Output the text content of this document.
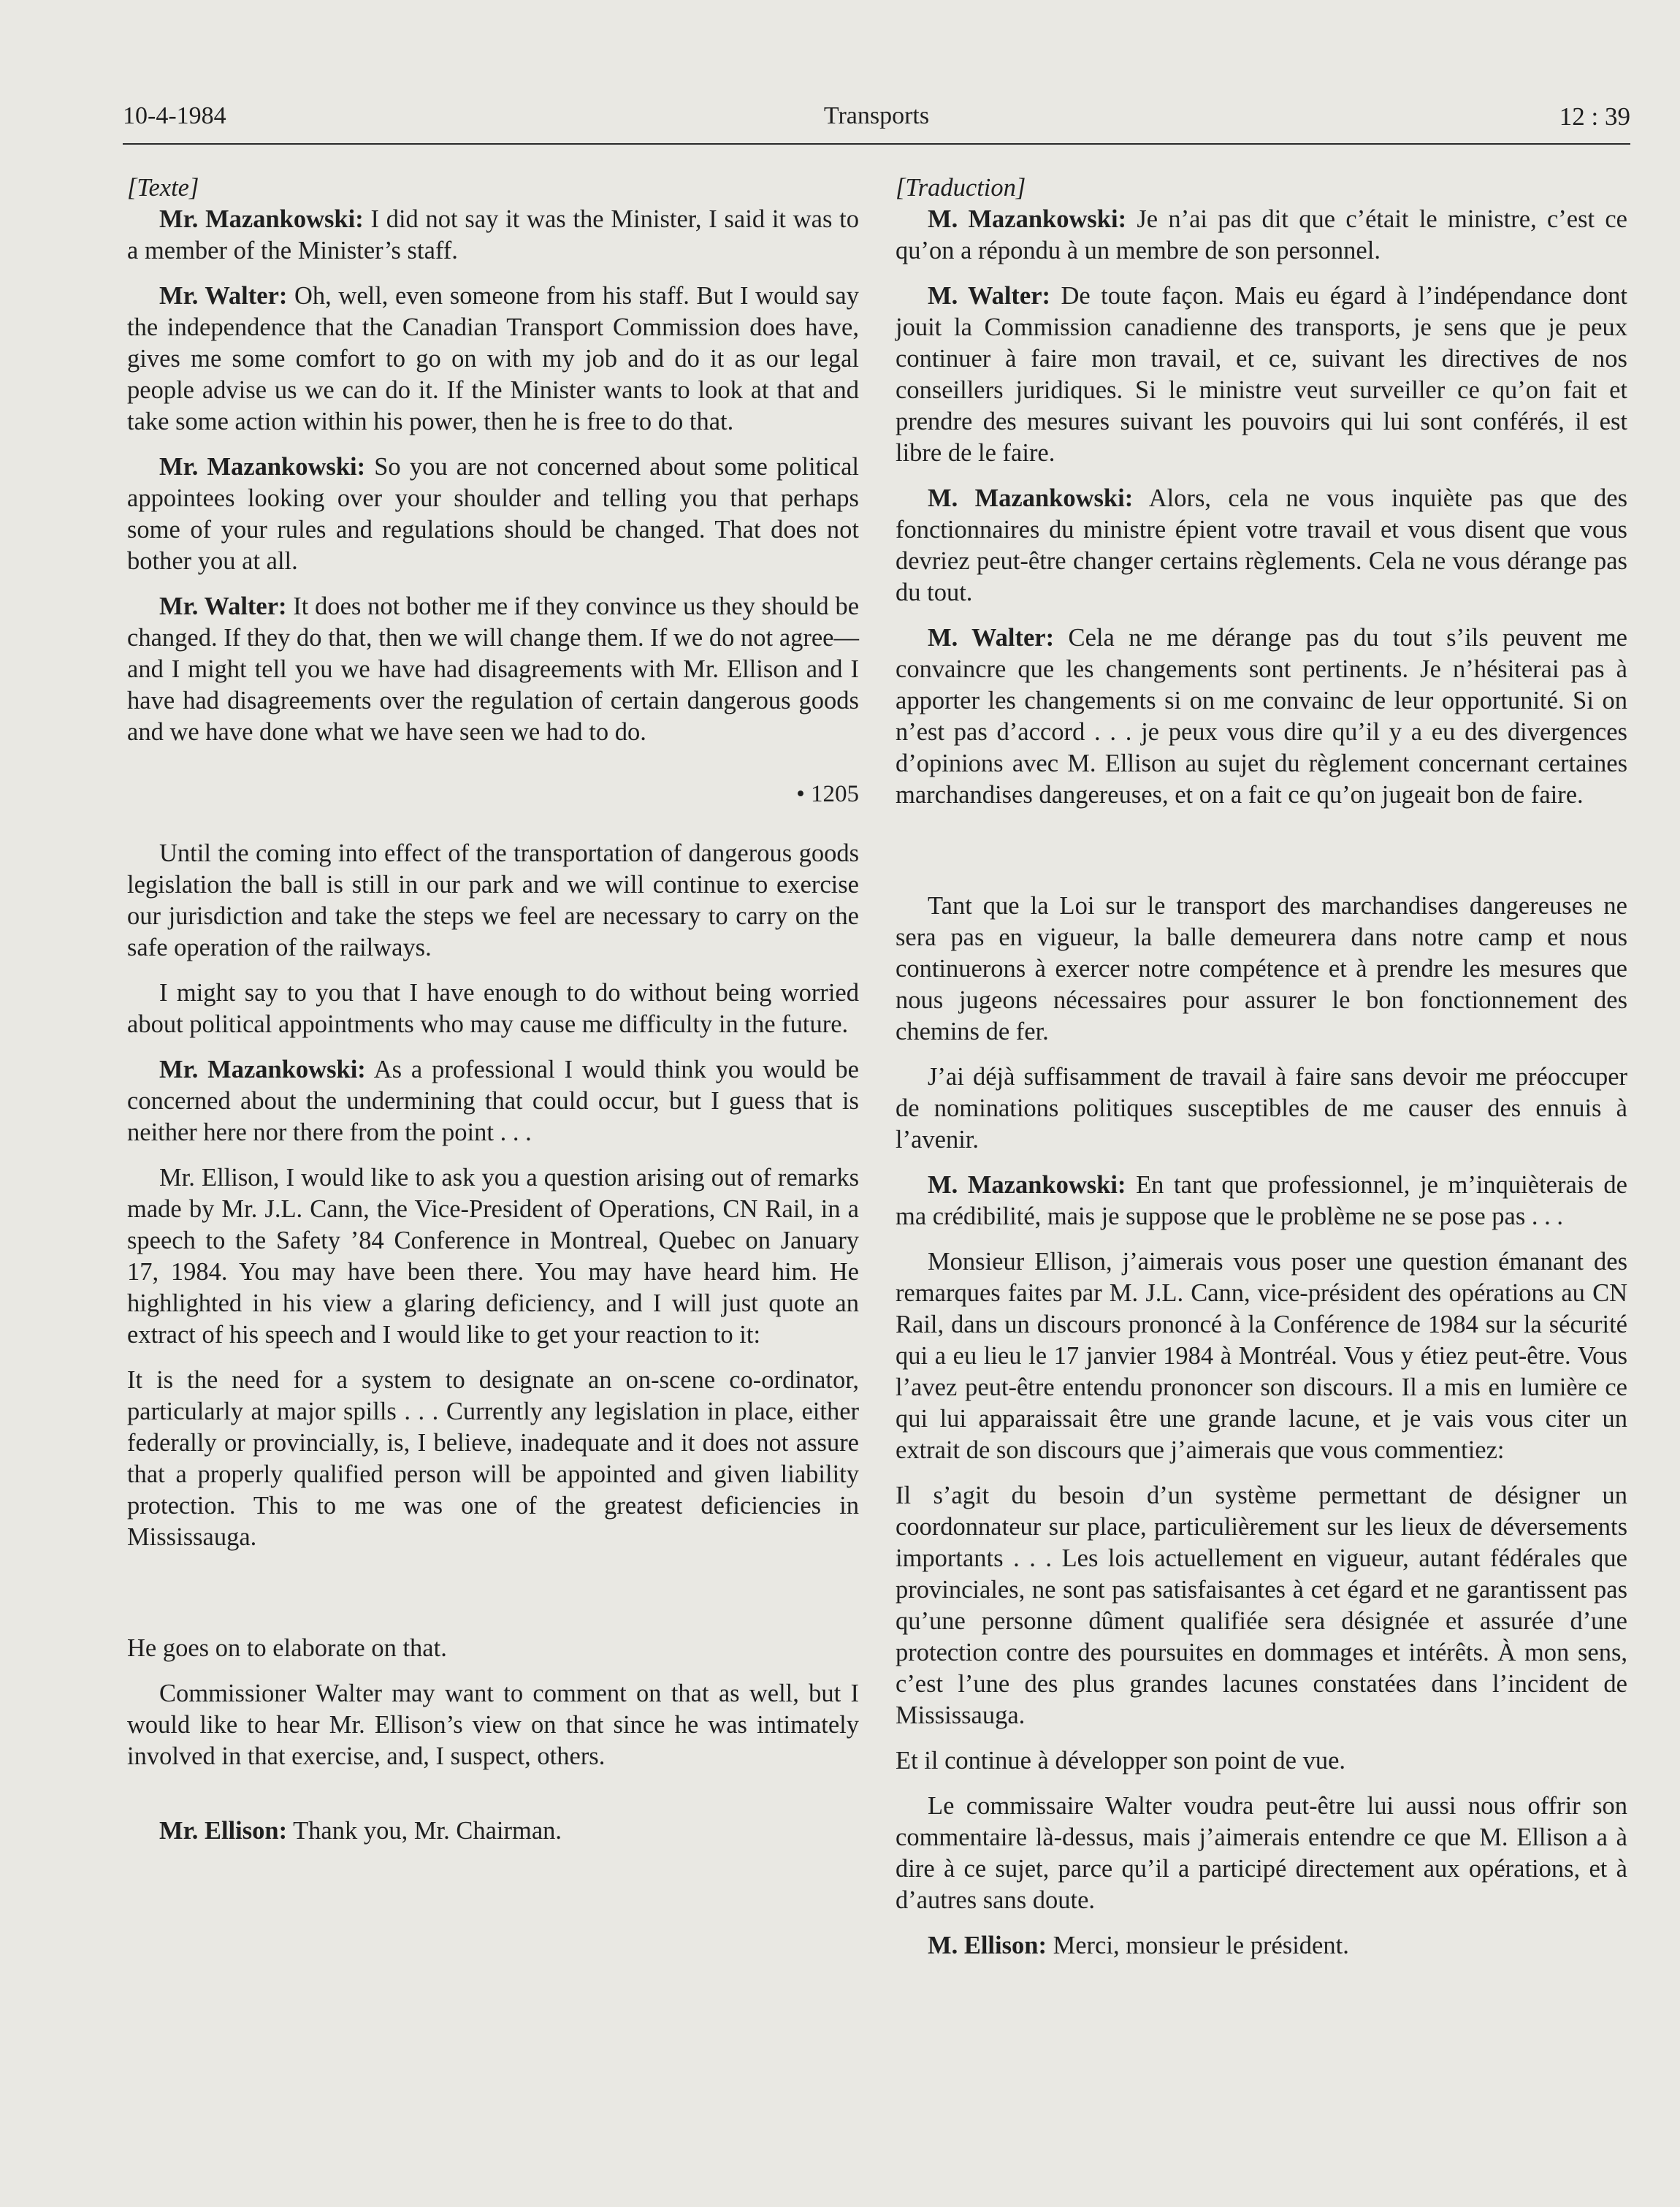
10-4-1984	Transports	12 : 39

[Texte]

Mr. Mazankowski: I did not say it was the Minister, I said it was to a member of the Minister’s staff.

Mr. Walter: Oh, well, even someone from his staff. But I would say the independence that the Canadian Transport Commission does have, gives me some comfort to go on with my job and do it as our legal people advise us we can do it. If the Minister wants to look at that and take some action within his power, then he is free to do that.

Mr. Mazankowski: So you are not concerned about some political appointees looking over your shoulder and telling you that perhaps some of your rules and regulations should be changed. That does not bother you at all.

Mr. Walter: It does not bother me if they convince us they should be changed. If they do that, then we will change them. If we do not agree—and I might tell you we have had disagreements with Mr. Ellison and I have had disagreements over the regulation of certain dangerous goods and we have done what we have seen we had to do.

• 1205

Until the coming into effect of the transportation of dangerous goods legislation the ball is still in our park and we will continue to exercise our jurisdiction and take the steps we feel are necessary to carry on the safe operation of the railways.

I might say to you that I have enough to do without being worried about political appointments who may cause me difficulty in the future.

Mr. Mazankowski: As a professional I would think you would be concerned about the undermining that could occur, but I guess that is neither here nor there from the point . . .

Mr. Ellison, I would like to ask you a question arising out of remarks made by Mr. J.L. Cann, the Vice-President of Operations, CN Rail, in a speech to the Safety ’84 Conference in Montreal, Quebec on January 17, 1984. You may have been there. You may have heard him. He highlighted in his view a glaring deficiency, and I will just quote an extract of his speech and I would like to get your reaction to it:

It is the need for a system to designate an on-scene co-ordinator, particularly at major spills . . . Currently any legislation in place, either federally or provincially, is, I believe, inadequate and it does not assure that a properly qualified person will be appointed and given liability protection. This to me was one of the greatest deficiencies in Mississauga.

He goes on to elaborate on that.

Commissioner Walter may want to comment on that as well, but I would like to hear Mr. Ellison’s view on that since he was intimately involved in that exercise, and, I suspect, others.

Mr. Ellison: Thank you, Mr. Chairman.

[Traduction]

M. Mazankowski: Je n’ai pas dit que c’était le ministre, c’est ce qu’on a répondu à un membre de son personnel.

M. Walter: De toute façon. Mais eu égard à l’indépendance dont jouit la Commission canadienne des transports, je sens que je peux continuer à faire mon travail, et ce, suivant les directives de nos conseillers juridiques. Si le ministre veut surveiller ce qu’on fait et prendre des mesures suivant les pouvoirs qui lui sont conférés, il est libre de le faire.

M. Mazankowski: Alors, cela ne vous inquiète pas que des fonctionnaires du ministre épient votre travail et vous disent que vous devriez peut-être changer certains règlements. Cela ne vous dérange pas du tout.

M. Walter: Cela ne me dérange pas du tout s’ils peuvent me convaincre que les changements sont pertinents. Je n’hésiterai pas à apporter les changements si on me convainc de leur opportunité. Si on n’est pas d’accord . . . je peux vous dire qu’il y a eu des divergences d’opinions avec M. Ellison au sujet du règlement concernant certaines marchandises dangereuses, et on a fait ce qu’on jugeait bon de faire.

Tant que la Loi sur le transport des marchandises dangereuses ne sera pas en vigueur, la balle demeurera dans notre camp et nous continuerons à exercer notre compétence et à prendre les mesures que nous jugeons nécessaires pour assurer le bon fonctionnement des chemins de fer.

J’ai déjà suffisamment de travail à faire sans devoir me préoccuper de nominations politiques susceptibles de me causer des ennuis à l’avenir.

M. Mazankowski: En tant que professionnel, je m’inquièterais de ma crédibilité, mais je suppose que le problème ne se pose pas . . .

Monsieur Ellison, j’aimerais vous poser une question émanant des remarques faites par M. J.L. Cann, vice-président des opérations au CN Rail, dans un discours prononcé à la Conférence de 1984 sur la sécurité qui a eu lieu le 17 janvier 1984 à Montréal. Vous y étiez peut-être. Vous l’avez peut-être entendu prononcer son discours. Il a mis en lumière ce qui lui apparaissait être une grande lacune, et je vais vous citer un extrait de son discours que j’aimerais que vous commentiez:

Il s’agit du besoin d’un système permettant de désigner un coordonnateur sur place, particulièrement sur les lieux de déversements importants . . . Les lois actuellement en vigueur, autant fédérales que provinciales, ne sont pas satisfaisantes à cet égard et ne garantissent pas qu’une personne dûment qualifiée sera désignée et assurée d’une protection contre des poursuites en dommages et intérêts. À mon sens, c’est l’une des plus grandes lacunes constatées dans l’incident de Mississauga.

Et il continue à développer son point de vue.

Le commissaire Walter voudra peut-être lui aussi nous offrir son commentaire là-dessus, mais j’aimerais entendre ce que M. Ellison a à dire à ce sujet, parce qu’il a participé directement aux opérations, et à d’autres sans doute.

M. Ellison: Merci, monsieur le président.
